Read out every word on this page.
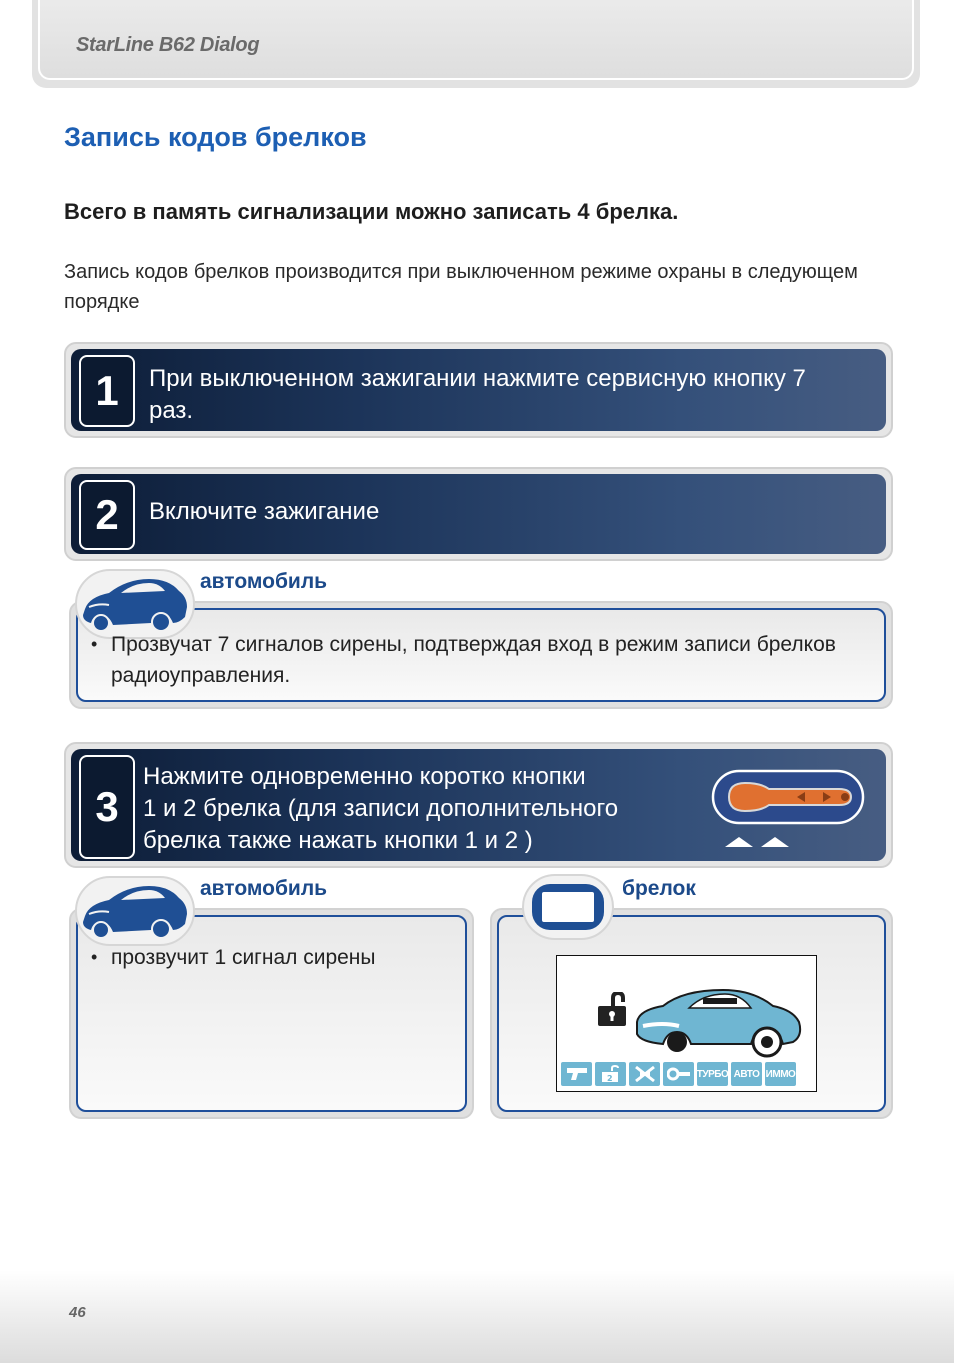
StarLine B62 Dialog
Запись кодов брелков
Всего в память сигнализации можно записать 4 брелка.
Запись кодов брелков производится при выключенном режиме охраны в следующем порядке
1	При выключенном зажигании нажмите сервисную кнопку 7 раз.
2	Включите зажигание
автомобиль
• Прозвучат 7 сигналов сирены, подтверждая вход в режим записи брелков радиоуправления.
3
Нажмите одновременно коротко кнопки
1 и 2 брелка (для записи дополнительного
брелка также нажать кнопки 1 и 2 )
автомобиль
• прозвучит 1 сигнал сирены
брелок
2	ТУРБО АВТО ИММО
46
